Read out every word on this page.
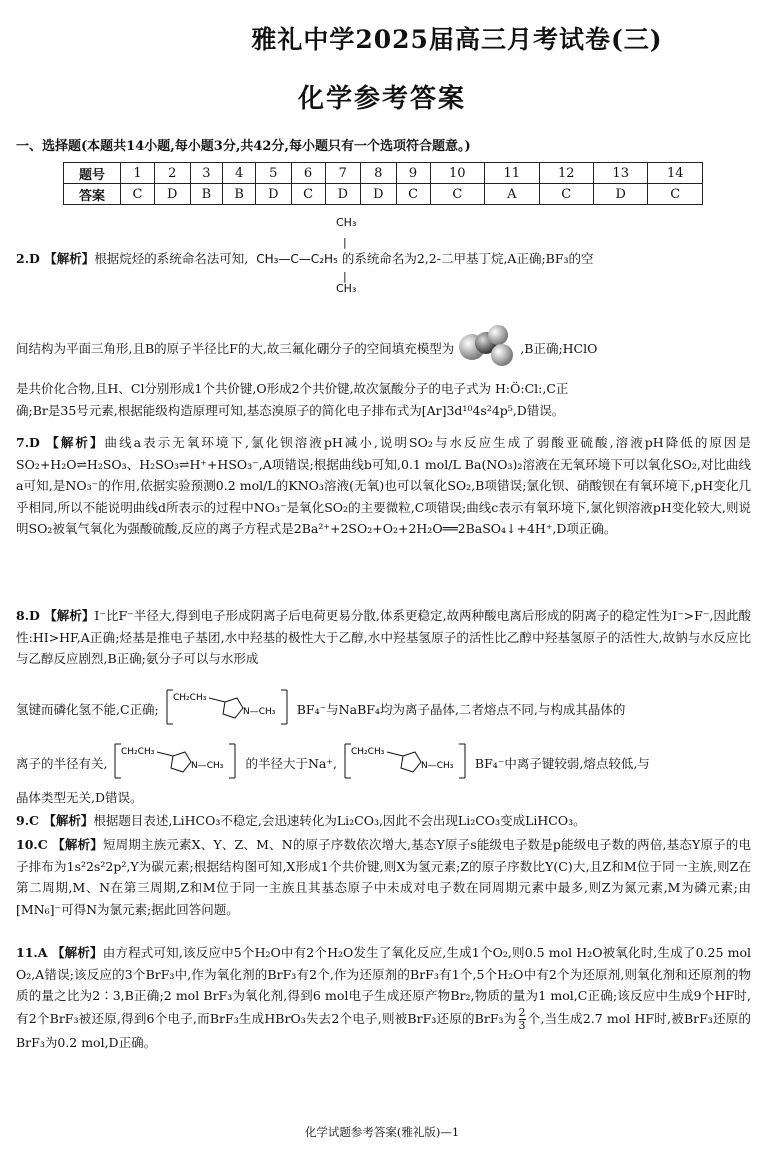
雅礼中学2025届高三月考试卷(三)
化学参考答案
一、选择题(本题共14小题,每小题3分,共42分,每小题只有一个选项符合题意。)
题号	1	2	3	4	5	6	7	8	9	10	11	12	13	14
答案	C	D	B	B	D	C	D	D	C	C	A	C	D	C
CH₃
|
|
CH₃
2.D 【解析】根据烷烃的系统命名法可知, CH₃—C—C₂H₅ 的系统命名为2,2-二甲基丁烷,A正确;BF₃的空
间结构为平面三角形,且B的原子半径比F的大,故三氟化硼分子的空间填充模型为	,B正确;HClO
是共价化合物,且H、Cl分别形成1个共价键,O形成2个共价键,故次氯酸分子的电子式为 H:Ö:Cl:,C正
确;Br是35号元素,根据能级构造原理可知,基态溴原子的简化电子排布式为[Ar]3d¹⁰4s²4p⁵,D错误。
7.D 【解析】曲线a表示无氧环境下,氯化钡溶液pH减小,说明SO₂与水反应生成了弱酸亚硫酸,溶液pH降低的原因是SO₂+H₂O⇌H₂SO₃、H₂SO₃⇌H⁺+HSO₃⁻,A项错误;根据曲线b可知,0.1 mol/L Ba(NO₃)₂溶液在无氧环境下可以氧化SO₂,对比曲线a可知,是NO₃⁻的作用,依据实验预测0.2 mol/L的KNO₃溶液(无氧)也可以氧化SO₂,B项错误;氯化钡、硝酸钡在有氧环境下,pH变化几乎相同,所以不能说明曲线d所表示的过程中NO₃⁻是氧化SO₂的主要微粒,C项错误;曲线c表示有氧环境下,氯化钡溶液pH变化较大,则说明SO₂被氧气氧化为强酸硫酸,反应的离子方程式是2Ba²⁺+2SO₂+O₂+2H₂O══2BaSO₄↓+4H⁺,D项正确。
8.D 【解析】I⁻比F⁻半径大,得到电子形成阴离子后电荷更易分散,体系更稳定,故两种酸电离后形成的阴离子的稳定性为I⁻>F⁻,因此酸性:HI>HF,A正确;烃基是推电子基团,水中羟基的极性大于乙醇,水中羟基氢原子的活性比乙醇中羟基氢原子的活性大,故钠与水反应比与乙醇反应剧烈,B正确;氨分子可以与水形成
氢键而磷化氢不能,C正确;
CH₂CH₃
N—CH₃ BF₄⁻与NaBF₄均为离子晶体,二者熔点不同,与构成其晶体的
离子的半径有关,
CH₂CH₃
N—CH₃ 的半径大于Na⁺,
CH₂CH₃
N—CH₃ BF₄⁻中离子键较弱,熔点较低,与
晶体类型无关,D错误。
9.C 【解析】根据题目表述,LiHCO₃不稳定,会迅速转化为Li₂CO₃,因此不会出现Li₂CO₃变成LiHCO₃。
10.C 【解析】短周期主族元素X、Y、Z、M、N的原子序数依次增大,基态Y原子s能级电子数是p能级电子数的两倍,基态Y原子的电子排布为1s²2s²2p²,Y为碳元素;根据结构图可知,X形成1个共价键,则X为氢元素;Z的原子序数比Y(C)大,且Z和M位于同一主族,则Z在第二周期,M、N在第三周期,Z和M位于同一主族且其基态原子中未成对电子数在同周期元素中最多,则Z为氮元素,M为磷元素;由[MN₆]⁻可得N为氯元素;据此回答问题。
11.A 【解析】由方程式可知,该反应中5个H₂O中有2个H₂O发生了氧化反应,生成1个O₂,则0.5 mol H₂O被氧化时,生成了0.25 mol O₂,A错误;该反应的3个BrF₃中,作为氧化剂的BrF₃有2个,作为还原剂的BrF₃有1个,5个H₂O中有2个为还原剂,则氧化剂和还原剂的物质的量之比为2∶3,B正确;2 mol BrF₃为氧化剂,得到6 mol电子生成还原产物Br₂,物质的量为1 mol,C正确;该反应中生成9个HF时,有2个BrF₃被还原,得到6个电子,而BrF₃生成HBrO₃失去2个电子,则被BrF₃还原的BrF₃为 $\frac{2}{3}$ 个,当生成2.7 mol HF时,被BrF₃还原的BrF₃为0.2 mol,D正确。
化学试题参考答案(雅礼版)—1
